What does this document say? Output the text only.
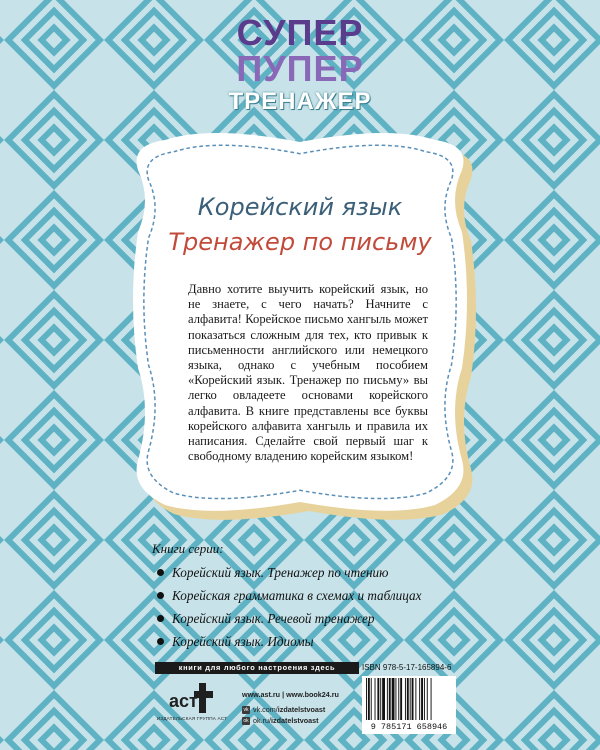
СУПЕР
ПУПЕР
ТРЕНАЖЕР
Корейский язык
Тренажер по письму
Давно хотите выучить корейский язык, но не знаете, с чего начать? Начните с алфавита! Корейское письмо хангыль может показаться сложным для тех, кто привык к письменности английского или немецкого языка, однако с учебным пособием «Корейский язык. Тренажер по письму» вы легко овладеете основами корейского алфавита. В книге представлены все буквы корейского алфавита хангыль и правила их написания. Сделайте свой первый шаг к свободному владению корейским языком!
Книги серии:
Корейский язык. Тренажер по чтению
Корейская грамматика в схемах и таблицах
Корейский язык. Речевой тренажер
Корейский язык. Идиомы
книги для любого настроения здесь	ISBN 978-5-17-165894-6
9 785171 658946
аст
ИЗДАТЕЛЬСКАЯ ГРУППА АСТ
www.ast.ru | www.book24.ru
vk vk.com/izdatelstvoast
ok ok.ru/izdatelstvoast
